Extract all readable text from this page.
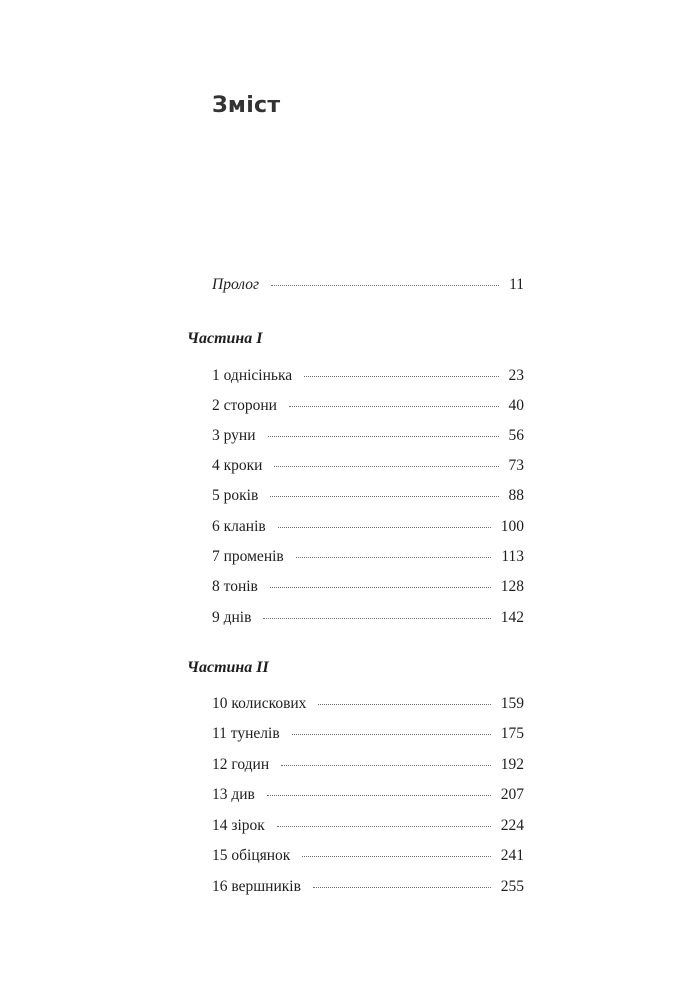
Зміст
Пролог	11
Частина I
1 однісінька	23
2 сторони	40
3 руни	56
4 кроки	73
5 років	88
6 кланів	100
7 променів	113
8 тонів	128
9 днів	142
Частина II
10 колискових	159
11 тунелів	175
12 годин	192
13 див	207
14 зірок	224
15 обіцянок	241
16 вершників	255
